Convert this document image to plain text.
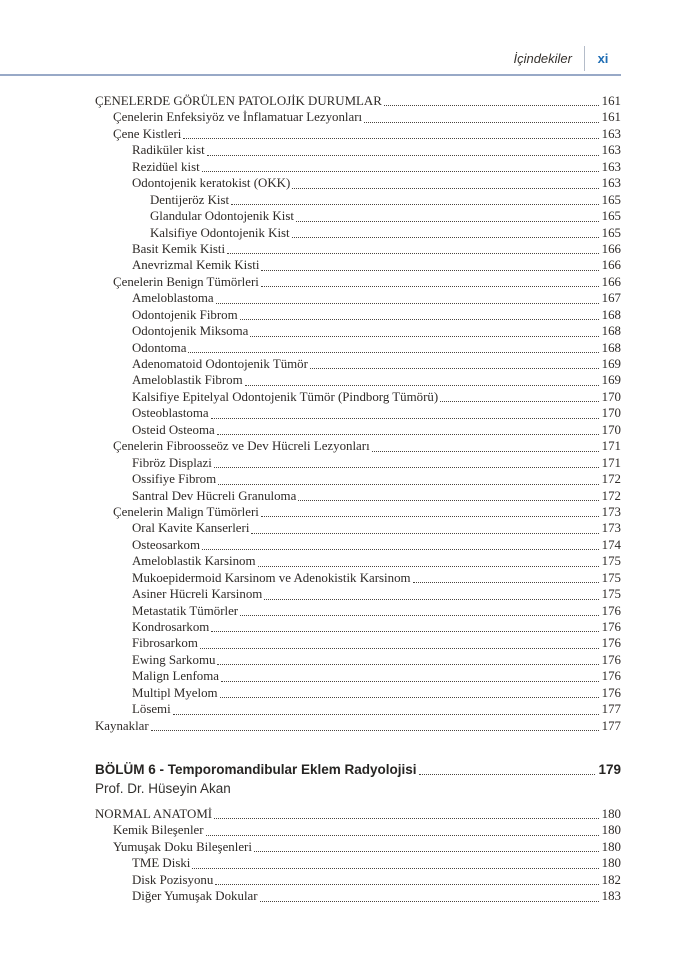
İçindekiler	xi
ÇENELERDE GÖRÜLEN PATOLOJİK DURUMLAR	161
Çenelerin Enfeksiyöz ve İnflamatuar Lezyonları	161
Çene Kistleri	163
Radiküler kist	163
Rezidüel kist	163
Odontojenik keratokist (OKK)	163
Dentijeröz Kist	165
Glandular Odontojenik Kist	165
Kalsifiye Odontojenik Kist	165
Basit Kemik Kisti	166
Anevrizmal Kemik Kisti	166
Çenelerin Benign Tümörleri	166
Ameloblastoma	167
Odontojenik Fibrom	168
Odontojenik Miksoma	168
Odontoma	168
Adenomatoid Odontojenik Tümör	169
Ameloblastik Fibrom	169
Kalsifiye Epitelyal Odontojenik Tümör (Pindborg Tümörü)	170
Osteoblastoma	170
Osteid Osteoma	170
Çenelerin Fibroosseöz ve Dev Hücreli Lezyonları	171
Fibröz Displazi	171
Ossifiye Fibrom	172
Santral Dev Hücreli Granuloma	172
Çenelerin Malign Tümörleri	173
Oral Kavite Kanserleri	173
Osteosarkom	174
Ameloblastik Karsinom	175
Mukoepidermoid Karsinom ve Adenokistik Karsinom	175
Asiner Hücreli Karsinom	175
Metastatik Tümörler	176
Kondrosarkom	176
Fibrosarkom	176
Ewing Sarkomu	176
Malign Lenfoma	176
Multipl Myelom	176
Lösemi	177
Kaynaklar	177
BÖLÜM 6 - Temporomandibular Eklem Radyolojisi	179
Prof. Dr. Hüseyin Akan
NORMAL ANATOMİ	180
Kemik Bileşenler	180
Yumuşak Doku Bileşenleri	180
TME Diski	180
Disk Pozisyonu	182
Diğer Yumuşak Dokular	183
